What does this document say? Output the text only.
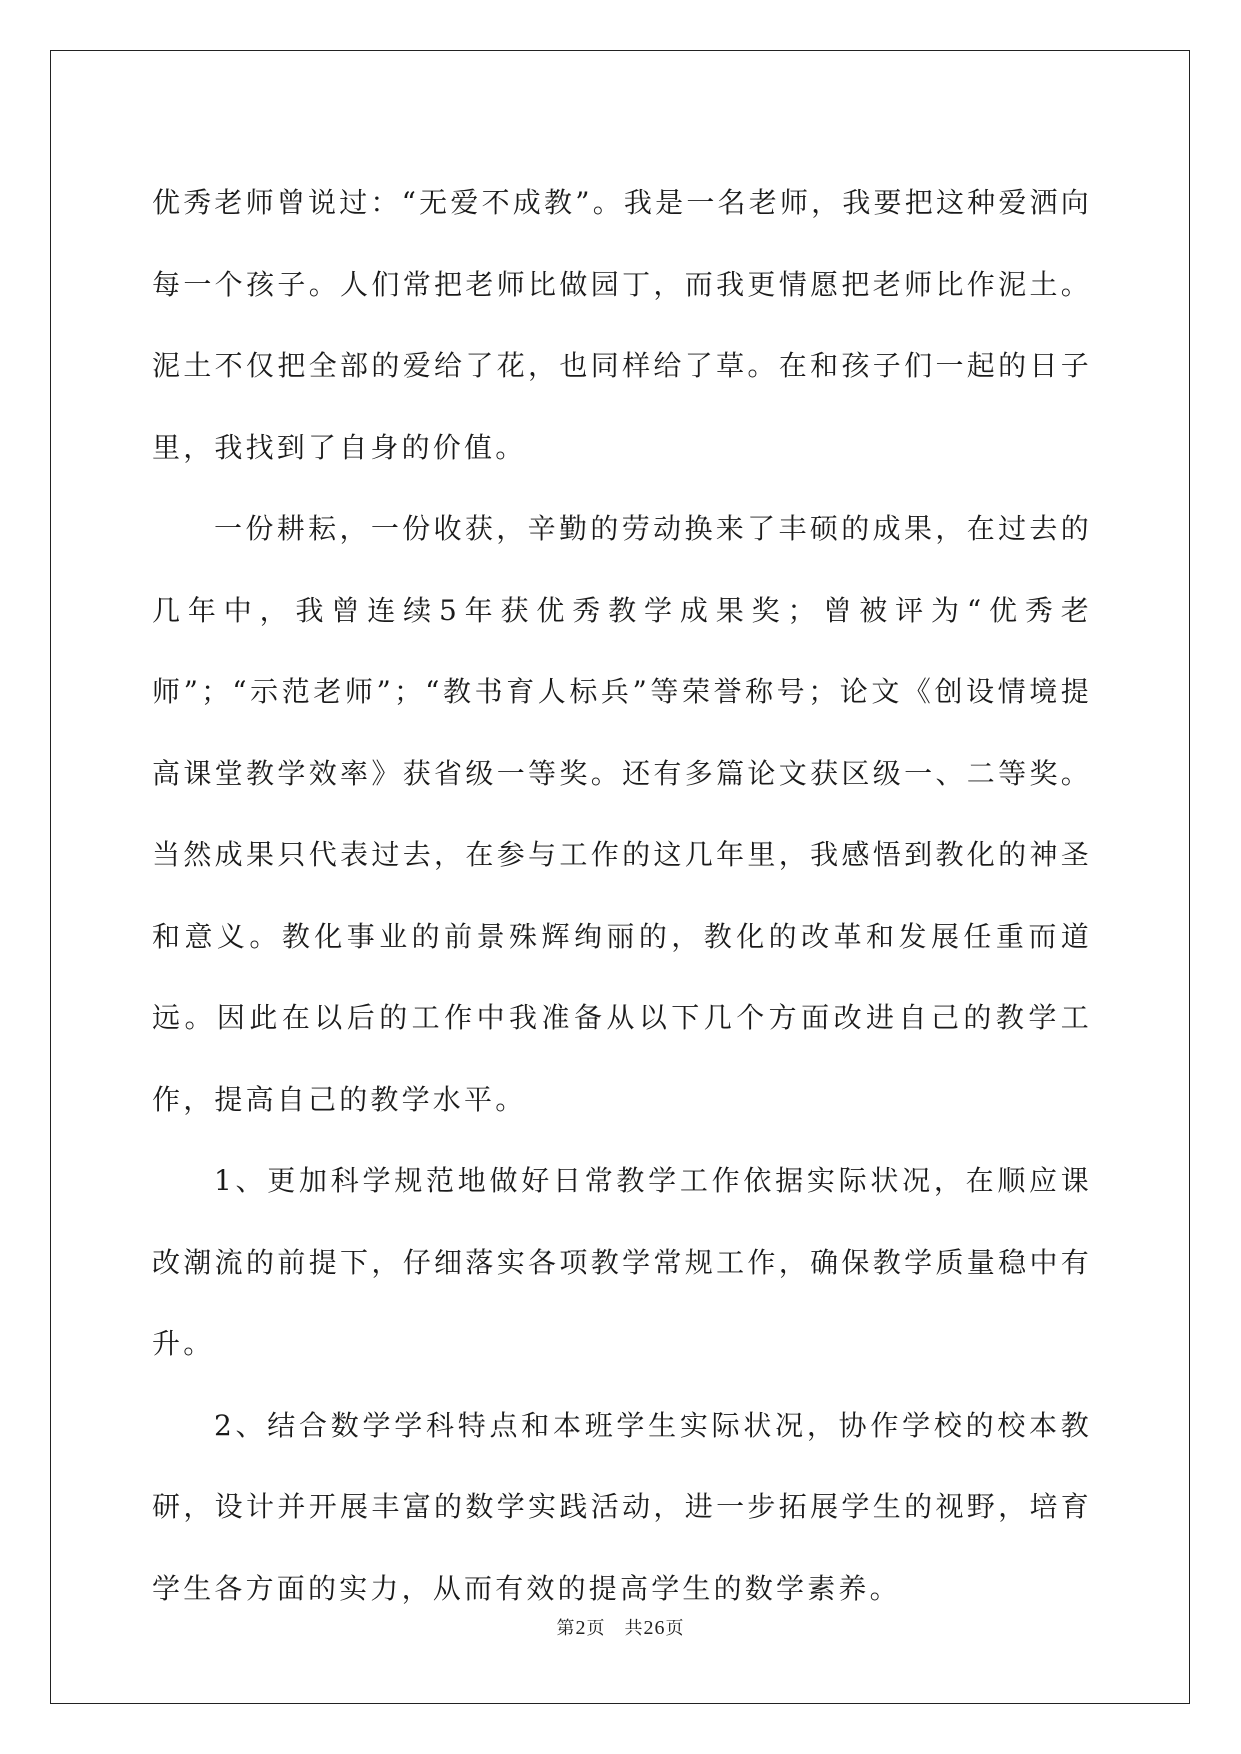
优秀老师曾说过：“无爱不成教”。我是一名老师，我要把这种爱洒向每一个孩子。人们常把老师比做园丁，而我更情愿把老师比作泥土。泥土不仅把全部的爱给了花，也同样给了草。在和孩子们一起的日子里，我找到了自身的价值。

一份耕耘，一份收获，辛勤的劳动换来了丰硕的成果，在过去的几年中，我曾连续5年获优秀教学成果奖；曾被评为“优秀老师”；“示范老师”；“教书育人标兵”等荣誉称号；论文《创设情境提高课堂教学效率》获省级一等奖。还有多篇论文获区级一、二等奖。当然成果只代表过去，在参与工作的这几年里，我感悟到教化的神圣和意义。教化事业的前景殊辉绚丽的，教化的改革和发展任重而道远。因此在以后的工作中我准备从以下几个方面改进自己的教学工作，提高自己的教学水平。

1、更加科学规范地做好日常教学工作依据实际状况，在顺应课改潮流的前提下，仔细落实各项教学常规工作，确保教学质量稳中有升。

2、结合数学学科特点和本班学生实际状况，协作学校的校本教研，设计并开展丰富的数学实践活动，进一步拓展学生的视野，培育学生各方面的实力，从而有效的提高学生的数学素养。

第2页　共26页
